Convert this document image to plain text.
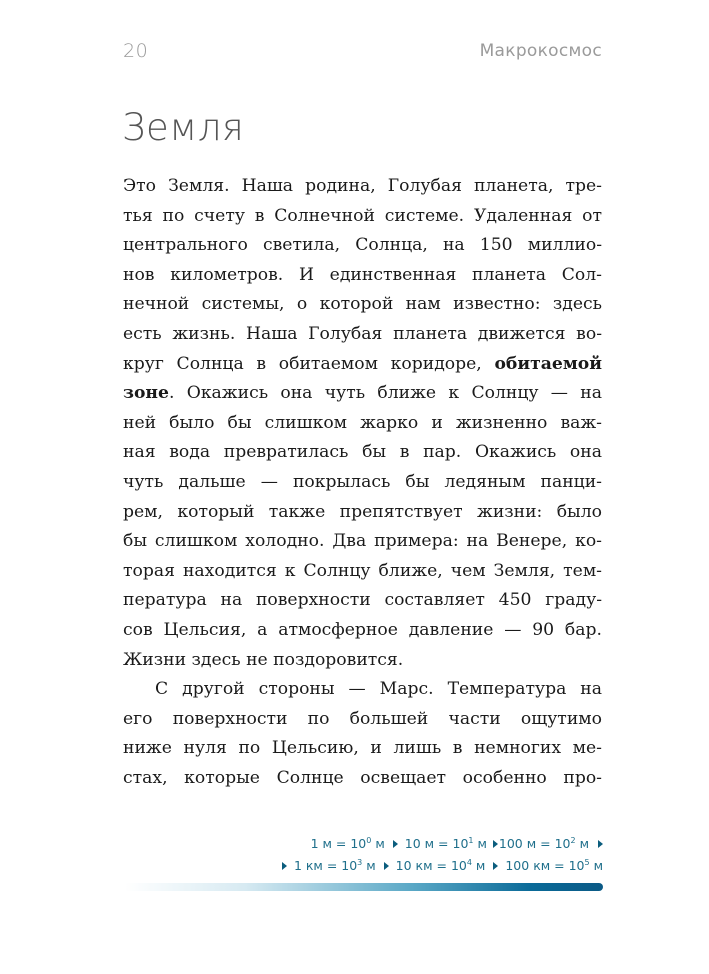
20	Макрокосмос
Земля

Это Земля. Наша родина, Голубая планета, тре-
тья по счету в Солнечной системе. Удаленная от
центрального светила, Солнца, на 150 миллио-
нов километров. И единственная планета Сол-
нечной системы, о которой нам известно: здесь
есть жизнь. Наша Голубая планета движется во-
круг Солнца в обитаемом коридоре, обитаемой
зоне. Окажись она чуть ближе к Солнцу — на
ней было бы слишком жарко и жизненно важ-
ная вода превратилась бы в пар. Окажись она
чуть дальше — покрылась бы ледяным панци-
рем, который также препятствует жизни: было
бы слишком холодно. Два примера: на Венере, ко-
торая находится к Солнцу ближе, чем Земля, тем-
пература на поверхности составляет 450 граду-
сов Цельсия, а атмосферное давление — 90 бар.
Жизни здесь не поздоровится.

С другой стороны — Марс. Температура на
его поверхности по большей части ощутимо
ниже нуля по Цельсию, и лишь в немногих ме-
стах, которые Солнце освещает особенно про-

1 $м = 10^0$ м 10 $м = 10^1$ м 100 $м = 10^2$ м
1 км = $10^3$ м 10 км = $10^4$ м 100 км = $10^5$ м
